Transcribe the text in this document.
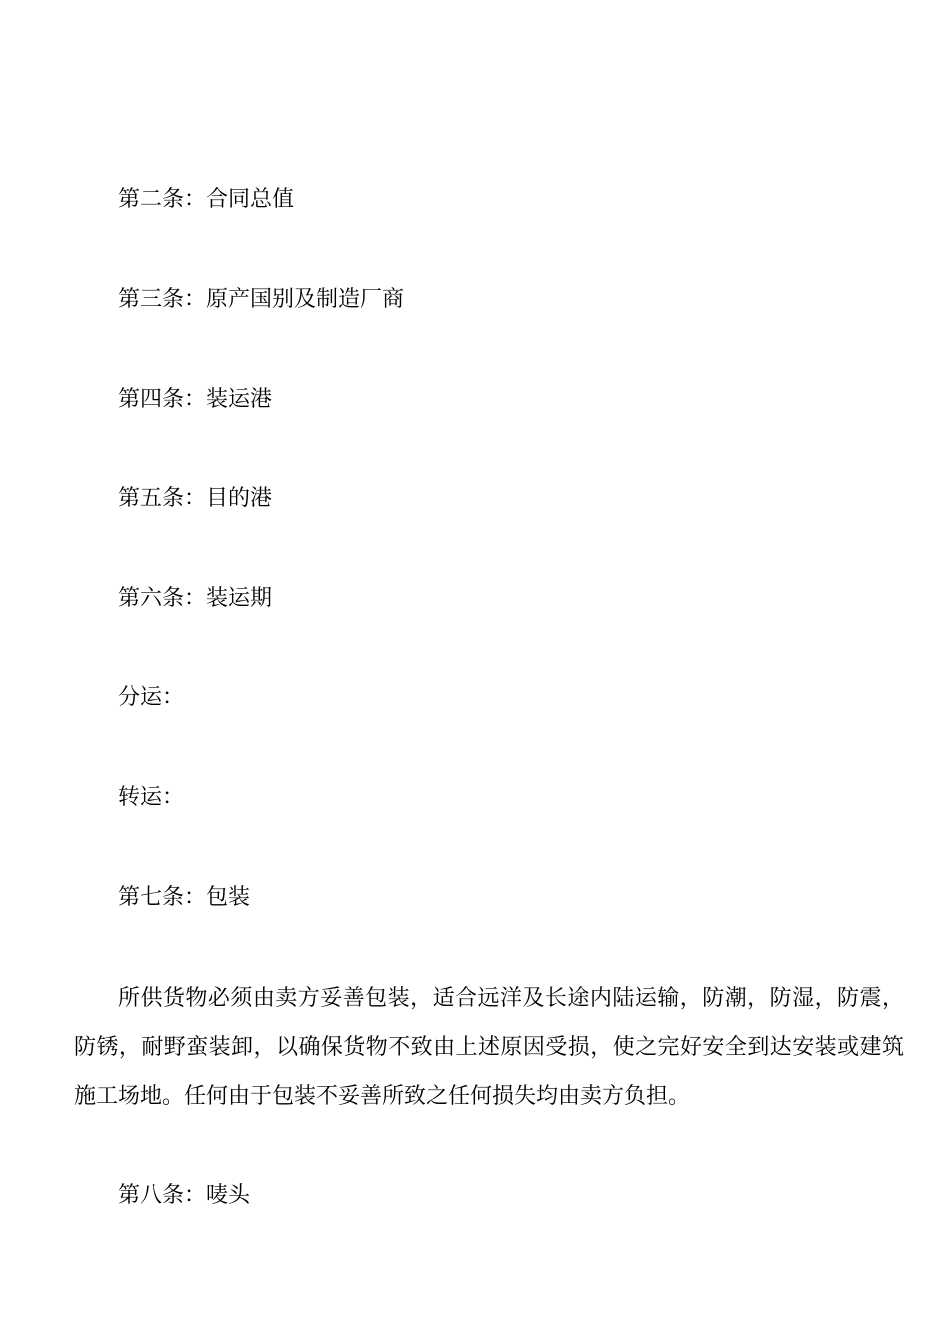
第二条：合同总值
第三条：原产国别及制造厂商
第四条：装运港
第五条：目的港
第六条：装运期
分运：
转运：
第七条：包装
所供货物必须由卖方妥善包装，适合远洋及长途内陆运输，防潮，防湿，防震，防锈，耐野蛮装卸，以确保货物不致由上述原因受损，使之完好安全到达安装或建筑施工场地。任何由于包装不妥善所致之任何损失均由卖方负担。
第八条：唛头
